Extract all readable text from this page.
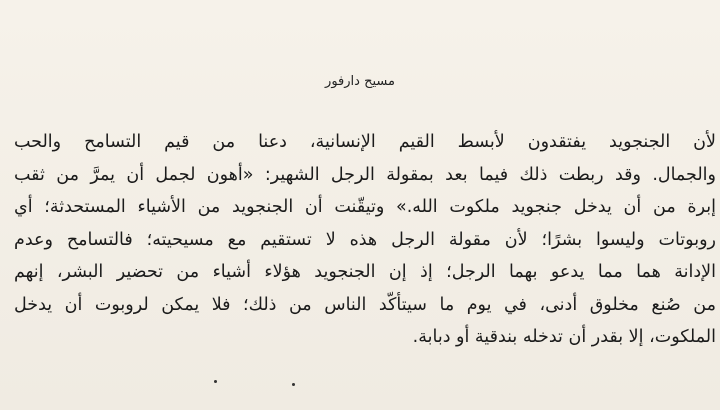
مسيح دارفور
لأن الجنجويد يفتقدون لأبسط القيم الإنسانية، دعنا من قيم التسامح والحب
والجمال. وقد ربطت ذلك فيما بعد بمقولة الرجل الشهير: «أهون لجمل أن يمرَّ من ثقب
إبرة من أن يدخل جنجويد ملكوت الله.» وتيقّنت أن الجنجويد من الأشياء المستحدثة؛ أي
روبوتات وليسوا بشرًا؛ لأن مقولة الرجل هذه لا تستقيم مع مسيحيته؛ فالتسامح وعدم
الإدانة هما مما يدعو بهما الرجل؛ إذ إن الجنجويد هؤلاء أشياء من تحضير البشر، إنهم
من صُنع مخلوق أدنى، في يوم ما سيتأكّد الناس من ذلك؛ فلا يمكن لروبوت أن يدخل
الملكوت، إلا بقدر أن تدخله بندقية أو دبابة.
